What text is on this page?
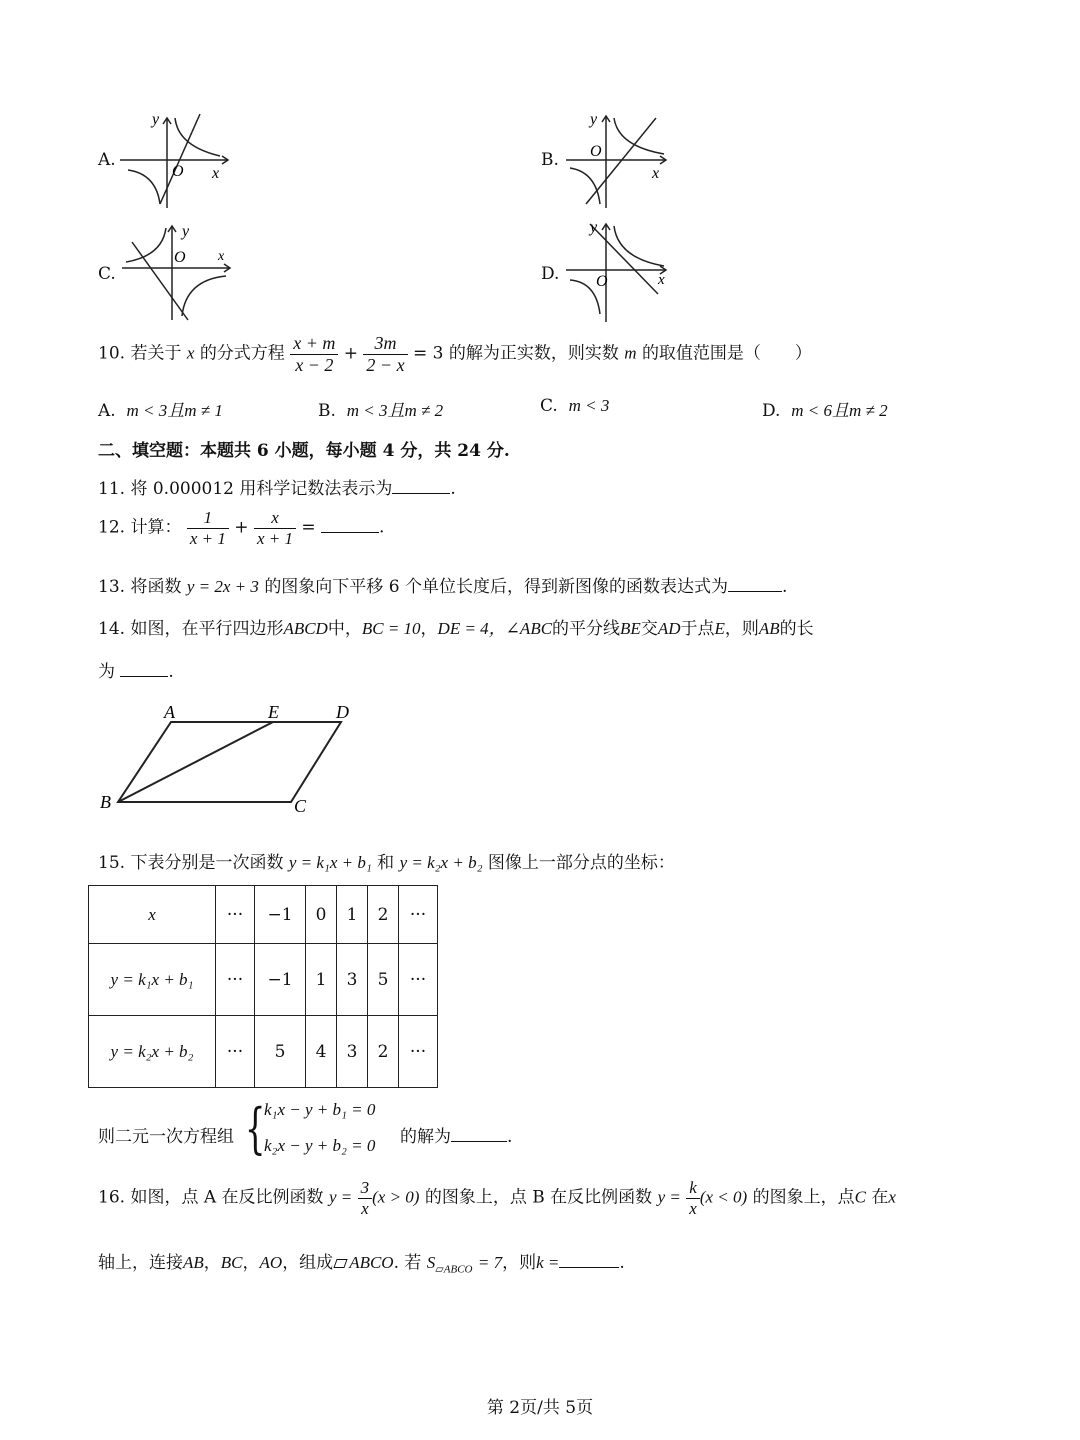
A.
y
O x
B.
y
O
x
C.
y
O x
D.
y
O	x
10. 若关于 x 的分式方程 $\frac{x + m}{x - 2} + \frac{3m}{2 - x} = 3$ 的解为正实数，则实数 m 的取值范围是（　　）
A. m < 3且m ≠ 1	B. m < 3且m ≠ 2	C. m < 3	D. m < 6且m ≠ 2
二、填空题：本题共 6 小题，每小题 4 分，共 24 分.
11. 将 0.000012 用科学记数法表示为	.
12. 计算： $\frac{1}{x + 1} + \frac{x}{x + 1}$ =	.
13. 将函数 y = 2x + 3 的图象向下平移 6 个单位长度后，得到新图像的函数表达式为	.
14. 如图，在平行四边形ABCD中，BC = 10，DE = 4，∠ABC的平分线BE交AD于点E，则AB的长
为	.
A	E	D
B	C
15. 下表分别是一次函数 y = k₁x + b₁ 和 y = k₂x + b₂ 图像上一部分点的坐标：
x	···	−1	0	1	2	···
y = k₁x + b₁	···	−1	1	3	5	···
y = k₂x + b₂	···	5	4	3	2	···
则二元一次方程组 {
k₁x − y + b₁ = 0
k₂x − y + b₂ = 0 的解为	.
16. 如图，点 A 在反比例函数 $y = \frac{3}{x} (x > 0)$ 的图象上，点 B 在反比例函数 $y = \frac{k}{x} (x < 0)$ 的图象上，点C 在x
轴上，连接AB，BC，AO，组成 ABCO. 若 $S_{▱ABCO} = 7$，则k =	.
第 2页/共 5页
